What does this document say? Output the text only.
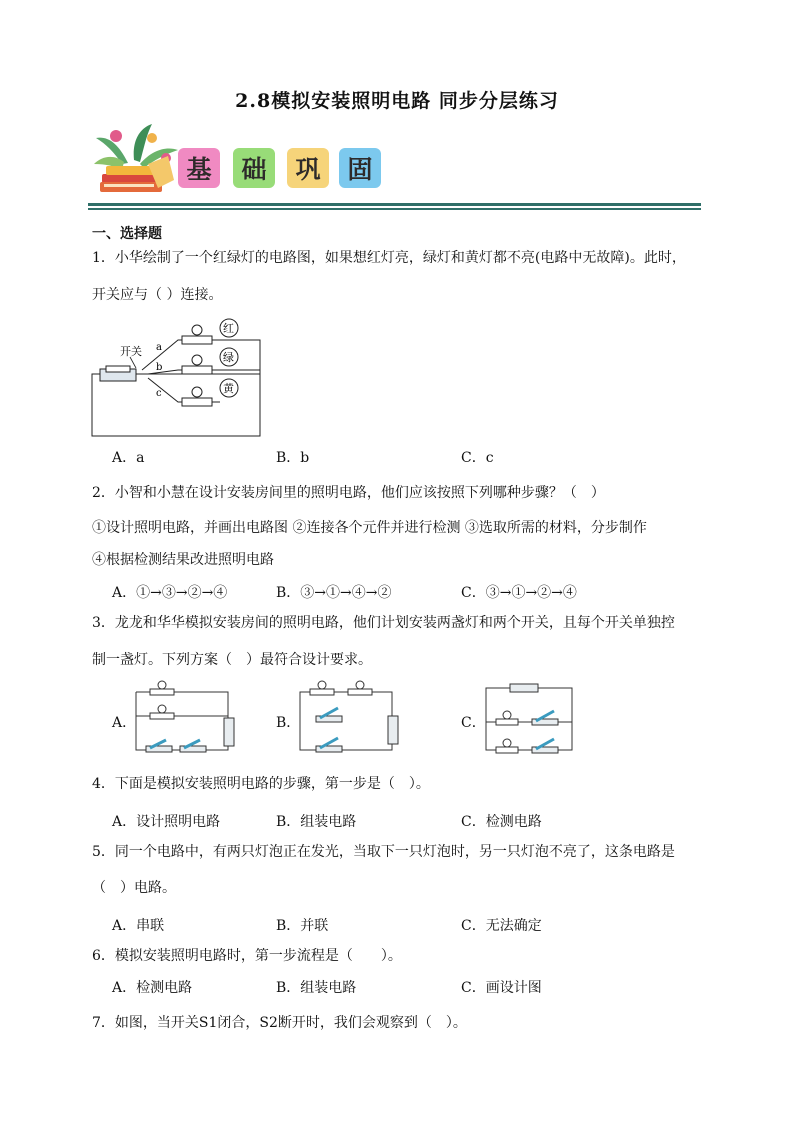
2.8模拟安装照明电路 同步分层练习
基	础	巩	固
一、选择题
1．小华绘制了一个红绿灯的电路图，如果想红灯亮，绿灯和黄灯都不亮(电路中无故障)。此时，
开关应与（ ）连接。
开关 a
b
c
红
绿
黄
A．a	B．b	C．c
2．小智和小慧在设计安装房间里的照明电路，他们应该按照下列哪种步骤？（　）
①设计照明电路，并画出电路图 ②连接各个元件并进行检测 ③选取所需的材料，分步制作
④根据检测结果改进照明电路
A．①→③→②→④	B．③→①→④→②	C．③→①→②→④
3．龙龙和华华模拟安装房间的照明电路，他们计划安装两盏灯和两个开关，且每个开关单独控
制一盏灯。下列方案（　）最符合设计要求。
A．	B．	C．
4．下面是模拟安装照明电路的步骤，第一步是（　）。
A．设计照明电路	B．组装电路	C．检测电路
5．同一个电路中，有两只灯泡正在发光，当取下一只灯泡时，另一只灯泡不亮了，这条电路是
（　）电路。
A．串联	B．并联	C．无法确定
6．模拟安装照明电路时，第一步流程是（　　）。
A．检测电路	B．组装电路	C．画设计图
7．如图，当开关S1闭合，S2断开时，我们会观察到（　）。
